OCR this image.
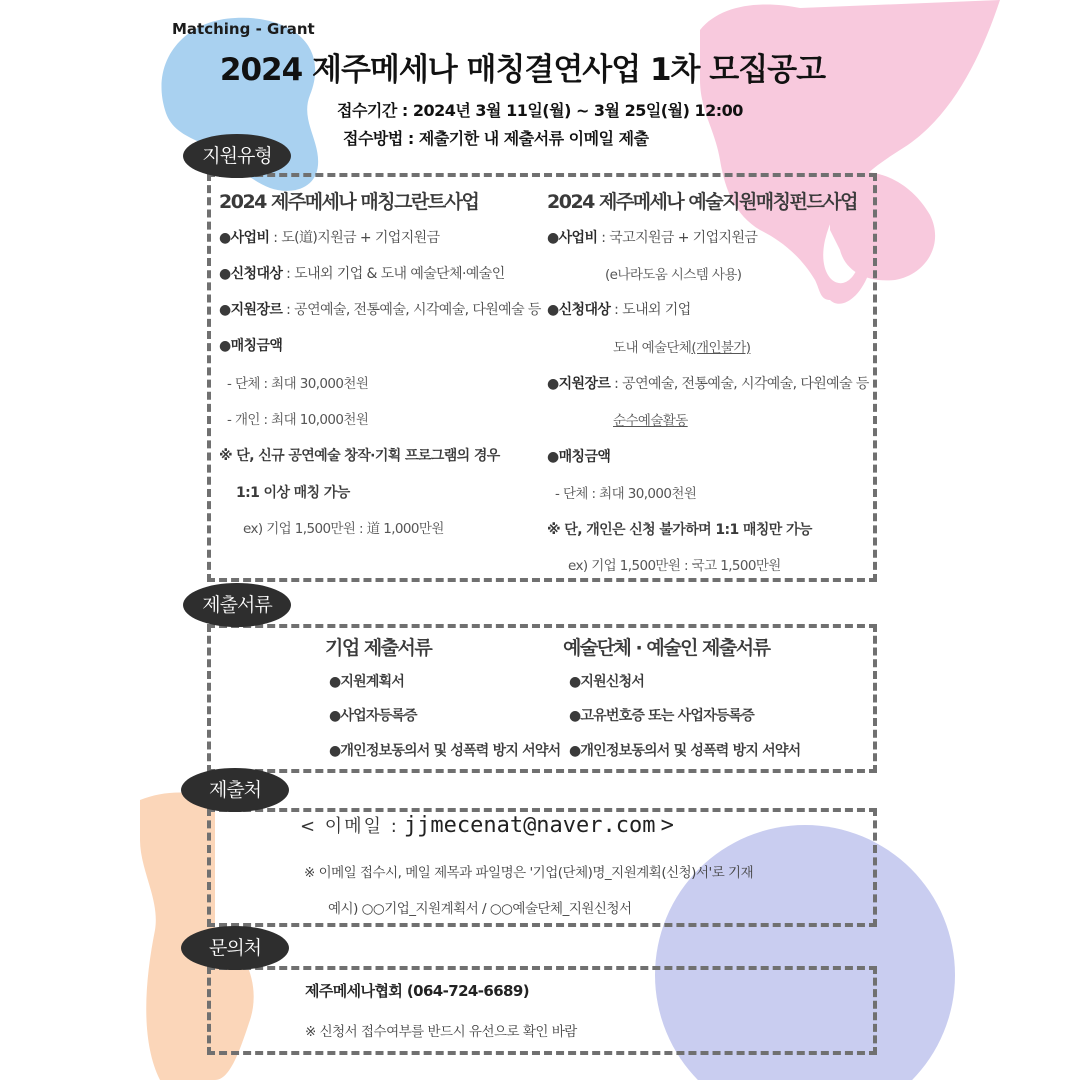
Matching - Grant
2024 제주메세나 매칭결연사업 1차 모집공고
접수기간 : 2024년 3월 11일(월) ~ 3월 25일(월) 12:00
접수방법 : 제출기한 내 제출서류 이메일 제출
지원유형
2024 제주메세나 매칭그란트사업
●사업비 : 도(道)지원금 + 기업지원금
●신청대상 : 도내외 기업 & 도내 예술단체·예술인
●지원장르 : 공연예술, 전통예술, 시각예술, 다원예술 등
●매칭금액
- 단체 : 최대 30,000천원
- 개인 : 최대 10,000천원
※ 단, 신규 공연예술 창작·기획 프로그램의 경우
1:1 이상 매칭 가능
ex) 기업 1,500만원 : 道 1,000만원
2024 제주메세나 예술지원매칭펀드사업
●사업비 : 국고지원금 + 기업지원금
(e나라도움 시스템 사용)
●신청대상 : 도내외 기업
도내 예술단체(개인불가)
●지원장르 : 공연예술, 전통예술, 시각예술, 다원예술 등
순수예술활동
●매칭금액
- 단체 : 최대 30,000천원
※ 단, 개인은 신청 불가하며 1:1 매칭만 가능
ex) 기업 1,500만원 : 국고 1,500만원
제출서류
기업 제출서류
●지원계획서
●사업자등록증
●개인정보동의서 및 성폭력 방지 서약서
예술단체 · 예술인 제출서류
●지원신청서
●고유번호증 또는 사업자등록증
●개인정보동의서 및 성폭력 방지 서약서
제출처
< 이메일 : jjmecenat@naver.com >
※ 이메일 접수시, 메일 제목과 파일명은 '기업(단체)명_지원계획(신청)서'로 기재
예시) ○○기업_지원계획서 / ○○예술단체_지원신청서
문의처
제주메세나협회 (064-724-6689)
※ 신청서 접수여부를 반드시 유선으로 확인 바람
